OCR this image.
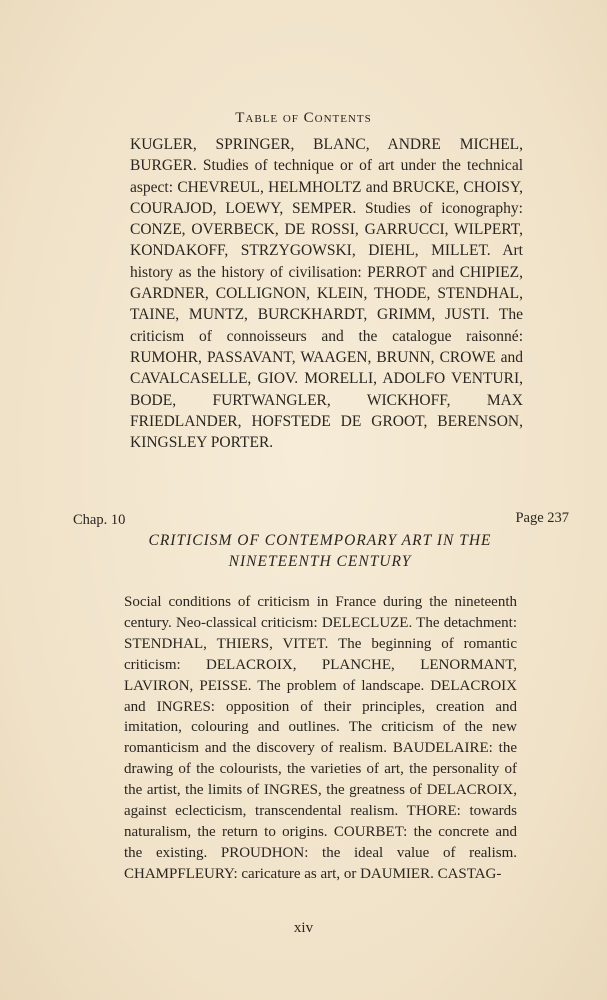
Table of Contents

KUGLER, SPRINGER, BLANC, ANDRE MICHEL, BURGER. Studies of technique or of art under the technical aspect: CHEVREUL, HELMHOLTZ and BRUCKE, CHOISY, COURAJOD, LOEWY, SEMPER. Studies of iconography: CONZE, OVERBECK, DE ROSSI, GARRUCCI, WILPERT, KONDAKOFF, STRZYGOWSKI, DIEHL, MILLET. Art history as the history of civilisation: PERROT and CHIPIEZ, GARDNER, COLLIGNON, KLEIN, THODE, STENDHAL, TAINE, MUNTZ, BURCKHARDT, GRIMM, JUSTI. The criticism of connoisseurs and the catalogue raisonné: RUMOHR, PASSAVANT, WAAGEN, BRUNN, CROWE and CAVALCASELLE, GIOV. MORELLI, ADOLFO VENTURI, BODE, FURTWANGLER, WICKHOFF, MAX FRIEDLANDER, HOFSTEDE DE GROOT, BERENSON, KINGSLEY PORTER.

Chap. 10	Page 237
CRITICISM OF CONTEMPORARY ART IN THE NINETEENTH CENTURY

Social conditions of criticism in France during the nineteenth century. Neo-classical criticism: DELECLUZE. The detachment: STENDHAL, THIERS, VITET. The beginning of romantic criticism: DELACROIX, PLANCHE, LENORMANT, LAVIRON, PEISSE. The problem of landscape. DELACROIX and INGRES: opposition of their principles, creation and imitation, colouring and outlines. The criticism of the new romanticism and the discovery of realism. BAUDELAIRE: the drawing of the colourists, the varieties of art, the personality of the artist, the limits of INGRES, the greatness of DELACROIX, against eclecticism, transcendental realism. THORE: towards naturalism, the return to origins. COURBET: the concrete and the existing. PROUDHON: the ideal value of realism. CHAMPFLEURY: caricature as art, or DAUMIER. CASTAG-

xiv
